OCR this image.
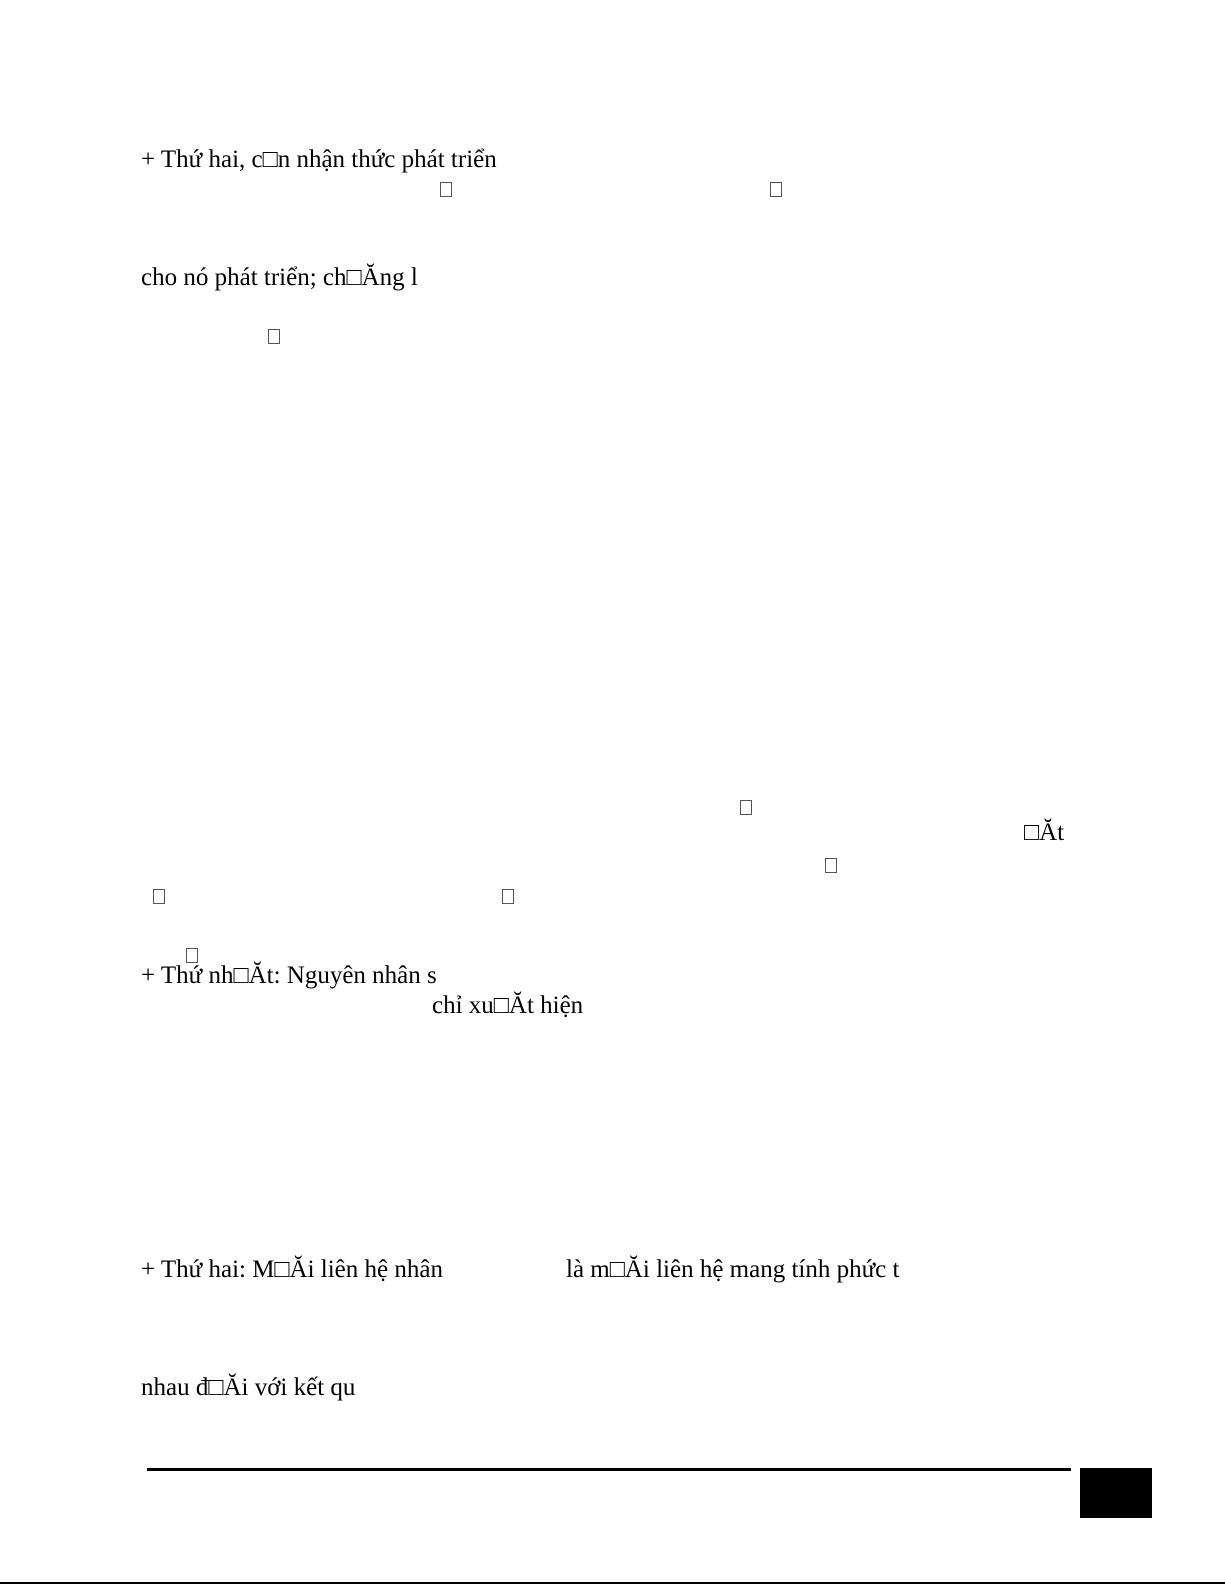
+ Thứ hai, c□n nhận thức phát triển
cho nó phát triển; ch□Ăng l
□Ăt
+ Thứ nh□Ăt: Nguyên nhân s
chỉ xu□Ăt hiện
+ Thứ hai: M□Ăi liên hệ nhân	là m□Ăi liên hệ mang tính phức t
nhau đ□Ăi với kết qu
